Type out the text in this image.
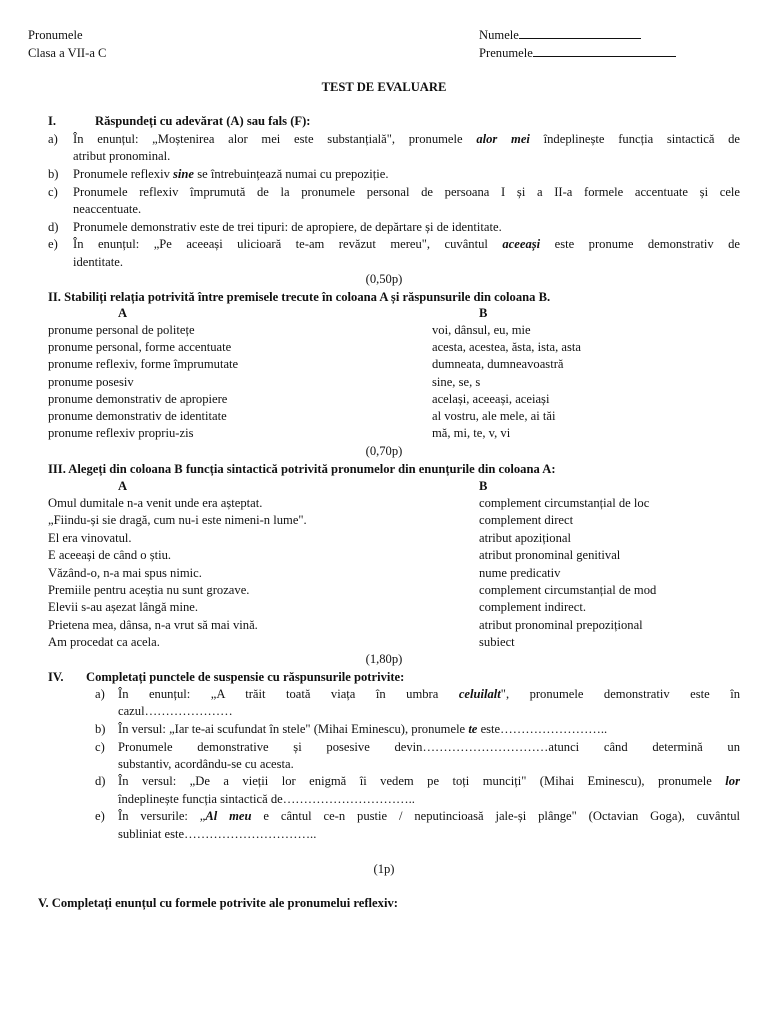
Pronumele
Clasa a VII-a C
Numele
Prenumele
TEST DE EVALUARE
I.	Răspundeți cu adevărat (A) sau fals (F):
a) În enunțul: „Moștenirea alor mei este substanțială", pronumele alor mei îndeplinește funcția sintactică de
atribut pronominal.
b) Pronumele reflexiv sine se întrebuințează numai cu prepoziție.
c) Pronumele reflexiv împrumută de la pronumele personal de persoana I și a II-a formele accentuate și cele
neaccentuate.
d) Pronumele demonstrativ este de trei tipuri: de apropiere, de depărtare și de identitate.
e) În enunțul: „Pe aceeași ulicioară te-am revăzut mereu", cuvântul aceeași este pronume demonstrativ de
identitate.
(0,50p)
II. Stabiliți relația potrivită între premisele trecute în coloana A și răspunsurile din coloana B.
A	B
pronume personal de politețe	voi, dânsul, eu, mie
pronume personal, forme accentuate	acesta, acestea, ăsta, ista, asta
pronume reflexiv, forme împrumutate	dumneata, dumneavoastră
pronume posesiv	sine, se, s
pronume demonstrativ de apropiere	același, aceeași, aceiași
pronume demonstrativ de identitate	al vostru, ale mele, ai tăi
pronume reflexiv propriu-zis	mă, mi, te, v, vi
(0,70p)
III. Alegeți din coloana B funcția sintactică potrivită pronumelor din enunțurile din coloana A:
A	B
Omul dumitale n-a venit unde era așteptat.	complement circumstanțial de loc
„Fiindu-și sie dragă, cum nu-i este nimeni-n lume".	complement direct
El era vinovatul.	atribut apozițional
E aceeași de când o știu.	atribut pronominal genitival
Văzând-o, n-a mai spus nimic.	nume predicativ
Premiile pentru aceștia nu sunt grozave.	complement circumstanțial de mod
Elevii s-au așezat lângă mine.	complement indirect.
Prietena mea, dânsa, n-a vrut să mai vină.	atribut pronominal prepozițional
Am procedat ca acela.	subiect
(1,80p)
IV. Completați punctele de suspensie cu răspunsurile potrivite:
a) În enunțul: „A trăit toată viața în umbra celuilalt", pronumele demonstrativ este în
cazul…………………
b) În versul: „Iar te-ai scufundat în stele" (Mihai Eminescu), pronumele te este……………………..
c) Pronumele demonstrative și posesive devin…………………………atunci când determină un
substantiv, acordându-se cu acesta.
d) În versul: „De a vieții lor enigmă îi vedem pe toți munciți" (Mihai Eminescu), pronumele lor
îndeplinește funcția sintactică de…………………………..
e) În versurile: „Al meu e cântul ce-n pustie / neputincioasă jale-și plânge" (Octavian Goga), cuvântul
subliniat este…………………………..
(1p)
V. Completați enunțul cu formele potrivite ale pronumelui reflexiv:
